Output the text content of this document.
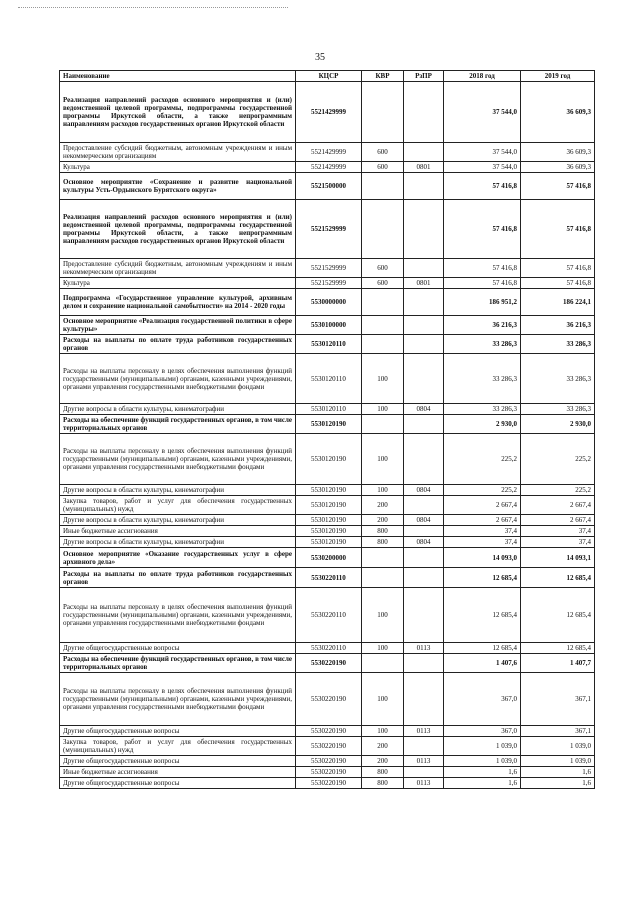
35
Наименование	КЦСР	КВР	РзПР	2018 год	2019 год
Реализация направлений расходов основного мероприятия и (или) ведомственной целевой программы, подпрограммы государственной программы Иркутской области, а также непрограммным направлениям расходов государственных органов Иркутской области	5521429999			37 544,0	36 609,3
Предоставление субсидий бюджетным, автономным учреждениям и иным некоммерческим организациям	5521429999	600		37 544,0	36 609,3
Культура	5521429999	600	0801	37 544,0	36 609,3
Основное мероприятие «Сохранение и развитие национальной культуры Усть-Ордынского Бурятского округа»	5521500000			57 416,8	57 416,8
Реализация направлений расходов основного мероприятия и (или) ведомственной целевой программы, подпрограммы государственной программы Иркутской области, а также непрограммным направлениям расходов государственных органов Иркутской области	5521529999			57 416,8	57 416,8
Предоставление субсидий бюджетным, автономным учреждениям и иным некоммерческим организациям	5521529999	600		57 416,8	57 416,8
Культура	5521529999	600	0801	57 416,8	57 416,8
Подпрограмма «Государственное управление культурой, архивным делом и сохранение национальной самобытности» на 2014 - 2020 годы	5530000000			186 951,2	186 224,1
Основное мероприятие «Реализация государственной политики в сфере культуры»	5530100000			36 216,3	36 216,3
Расходы на выплаты по оплате труда работников государственных органов	5530120110			33 286,3	33 286,3
Расходы на выплаты персоналу в целях обеспечения выполнения функций государственными (муниципальными) органами, казенными учреждениями, органами управления государственными внебюджетными фондами	5530120110	100		33 286,3	33 286,3
Другие вопросы в области культуры, кинематографии	5530120110	100	0804	33 286,3	33 286,3
Расходы на обеспечение функций государственных органов, в том числе территориальных органов	5530120190			2 930,0	2 930,0
Расходы на выплаты персоналу в целях обеспечения выполнения функций государственными (муниципальными) органами, казенными учреждениями, органами управления государственными внебюджетными фондами	5530120190	100		225,2	225,2
Другие вопросы в области культуры, кинематографии	5530120190	100	0804	225,2	225,2
Закупка товаров, работ и услуг для обеспечения государственных (муниципальных) нужд	5530120190	200		2 667,4	2 667,4
Другие вопросы в области культуры, кинематографии	5530120190	200	0804	2 667,4	2 667,4
Иные бюджетные ассигнования	5530120190	800		37,4	37,4
Другие вопросы в области культуры, кинематографии	5530120190	800	0804	37,4	37,4
Основное мероприятие «Оказание государственных услуг в сфере архивного дела»	5530200000			14 093,0	14 093,1
Расходы на выплаты по оплате труда работников государственных органов	5530220110			12 685,4	12 685,4
Расходы на выплаты персоналу в целях обеспечения выполнения функций государственными (муниципальными) органами, казенными учреждениями, органами управления государственными внебюджетными фондами	5530220110	100		12 685,4	12 685,4
Другие общегосударственные вопросы	5530220110	100	0113	12 685,4	12 685,4
Расходы на обеспечение функций государственных органов, в том числе территориальных органов	5530220190			1 407,6	1 407,7
Расходы на выплаты персоналу в целях обеспечения выполнения функций государственными (муниципальными) органами, казенными учреждениями, органами управления государственными внебюджетными фондами	5530220190	100		367,0	367,1
Другие общегосударственные вопросы	5530220190	100	0113	367,0	367,1
Закупка товаров, работ и услуг для обеспечения государственных (муниципальных) нужд	5530220190	200		1 039,0	1 039,0
Другие общегосударственные вопросы	5530220190	200	0113	1 039,0	1 039,0
Иные бюджетные ассигнования	5530220190	800		1,6	1,6
Другие общегосударственные вопросы	5530220190	800	0113	1,6	1,6
